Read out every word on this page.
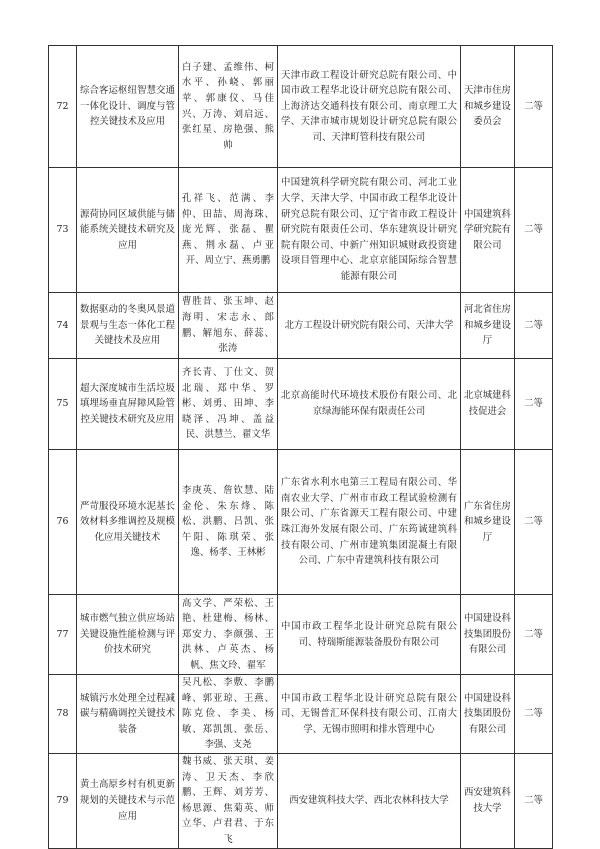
72	综合客运枢纽智慧交通一体化设计、调度与管控关键技术及应用	白子建、孟维伟、柯水平、孙峣、郭丽苹、郭康仪、马佳兴、万涛、刘启远、张红星、房艳强、熊帅	天津市政工程设计研究总院有限公司、中国市政工程华北设计研究总院有限公司、上海济达交通科技有限公司、南京理工大学、天津市城市规划设计研究总院有限公司、天津町管科技有限公司	天津市住房和城乡建设委员会	二等
73	源荷协同区域供能与储能系统关键技术研究及应用	孔祥飞、范满、李仲、田喆、周海珠、庞光辉、张磊、瞿燕、荆永磊、卢亚开、周立宁、燕勇鹏	中国建筑科学研究院有限公司、河北工业大学、天津大学、中国市政工程华北设计研究总院有限公司、辽宁省市政工程设计研究院有限责任公司、华东建筑设计研究院有限公司、中新广州知识城财政投资建设项目管理中心、北京京能国际综合智慧能源有限公司	中国建筑科学研究院有限公司	二等
74	数据驱动的冬奥风景道景观与生态一体化工程关键技术及应用	曹胜昔、张玉坤、赵海明、宋志永、郎鹏、解旭东、薛蕊、张涛	北方工程设计研究院有限公司、天津大学	河北省住房和城乡建设厅	二等
75	超大深度城市生活垃圾填埋场垂直屏障风险管控关键技术研究及应用	齐长青、丁仕文、贺北瑞、郑中华、罗彬、刘勇、田坤、李晓泽、冯坤、盖益民、洪慧兰、翟文华	北京高能时代环境技术股份有限公司、北京绿海能环保有限责任公司	北京城建科技促进会	二等
76	严苛服役环境水泥基长效材料多维调控及规模化应用关键技术	李庚英、詹钦慧、陆金伦、朱东烽、陈松、洪鹏、吕凯、张午阳、陈琪荣、张逸、杨孝、王林彬	广东省水利水电第三工程局有限公司、华南农业大学、广州市市政工程试验检测有限公司、广东省源天工程有限公司、中建珠江海外发展有限公司、广东筠诚建筑科技有限公司、广州市建筑集团混凝土有限公司、广东中青建筑科技有限公司	广东省住房和城乡建设厅	二等
77	城市燃气独立供应场站关键设施性能检测与评价技术研究	高文学、严荣松、王艳、杜建梅、杨林、郑安力、李颜强、王洪林、卢英杰、杨帆、焦文玲、翟军	中国市政工程华北设计研究总院有限公司、特瑞斯能源装备股份有限公司	中国建设科技集团股份有限公司	二等
78	城镇污水处理全过程减碳与精确调控关键技术装备	吴凡松、李敷、李鹏峰、郭亚琼、王燕、陈克俭、李美、杨敏、郑凯凯、张岳、李强、支尧	中国市政工程华北设计研究总院有限公司、无锡普汇环保科技有限公司、江南大学、无锡市照明和排水管理中心	中国建设科技集团股份有限公司	二等
79	黄土高原乡村有机更新规划的关键技术与示范应用	魏书威、张天琪、姜涛、卫天杰、李欣鹏、王辉、刘芳芳、杨思源、焦菊英、师立华、卢君君、于东飞	西安建筑科技大学、西北农林科技大学	西安建筑科技大学	二等
